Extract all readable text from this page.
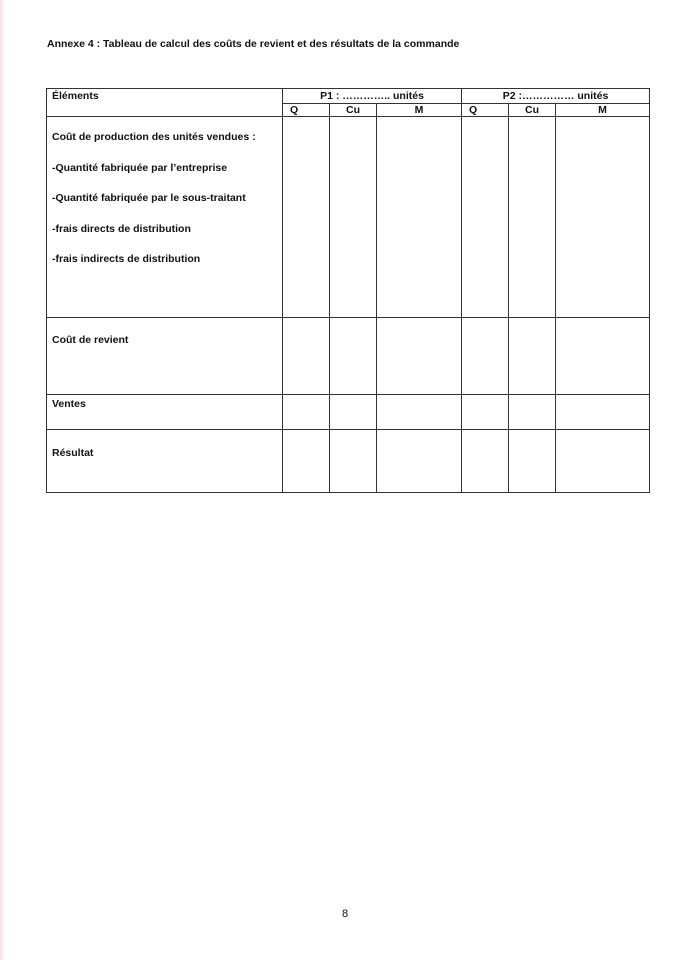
Annexe 4 : Tableau de calcul des coûts de revient et des résultats de la commande
Éléments	P1 : ………….. unités			P2 :…………… unités		
	Q	Cu	M	Q	Cu	M

Coût de production des unités vendues :
-Quantité fabriquée par l’entreprise
-Quantité fabriquée par le sous-traitant
-frais directs de distribution
-frais indirects de distribution						

Coût de revient						
Ventes						
Résultat						
8
